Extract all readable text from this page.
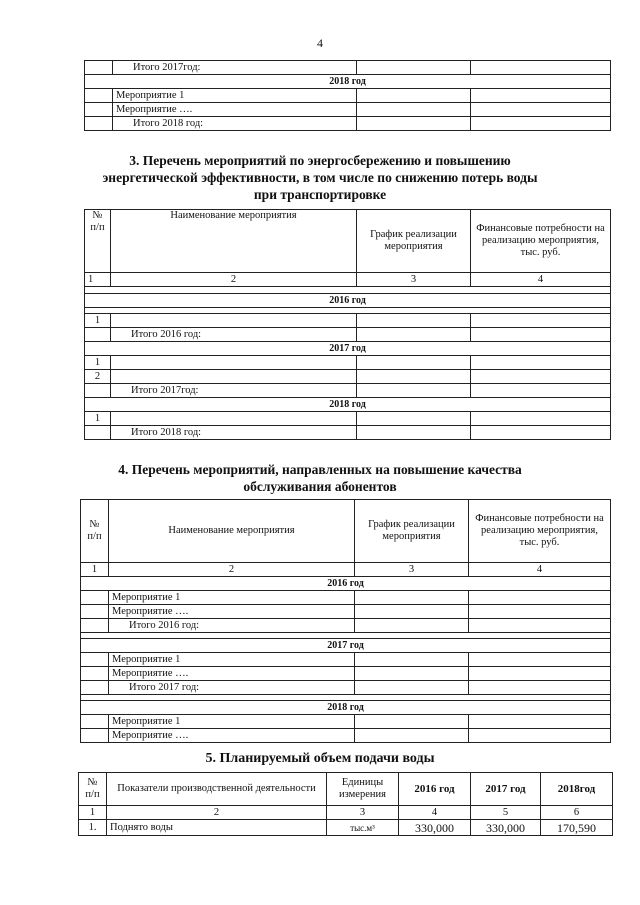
4
	Итого 2017год:		
2018 год			
	Мероприятие 1		
	Мероприятие ….		
	Итого 2018 год:		
3. Перечень мероприятий по энергосбережению и повышению
энергетической эффективности, в том числе по снижению потерь воды
при транспортировке
№ п/п	Наименование мероприятия	График реализации мероприятия	Финансовые потребности на реализацию мероприятия, тыс. руб.
1	2	3	4

2016 год			

1			
	Итого 2016 год:		
2017 год			
1			
2			
	Итого 2017год:		
2018 год			
1			
	Итого 2018 год:		
4. Перечень мероприятий, направленных на повышение качества
обслуживания абонентов
№ п/п	Наименование мероприятия	График реализации мероприятия	Финансовые потребности на реализацию мероприятия, тыс. руб.
1	2	3	4
2016 год			
	Мероприятие 1		
	Мероприятие ….		
	Итого 2016 год:		

2017 год			
	Мероприятие 1		
	Мероприятие ….		
	Итого 2017 год:		

2018 год			
	Мероприятие 1		
	Мероприятие ….		
5. Планируемый объем подачи воды
№ п/п	Показатели производственной деятельности	Единицы измерения	2016 год	2017 год	2018год
1	2	3	4	5	6
1.	Поднято воды	тыс.м³	330,000	330,000	170,590
